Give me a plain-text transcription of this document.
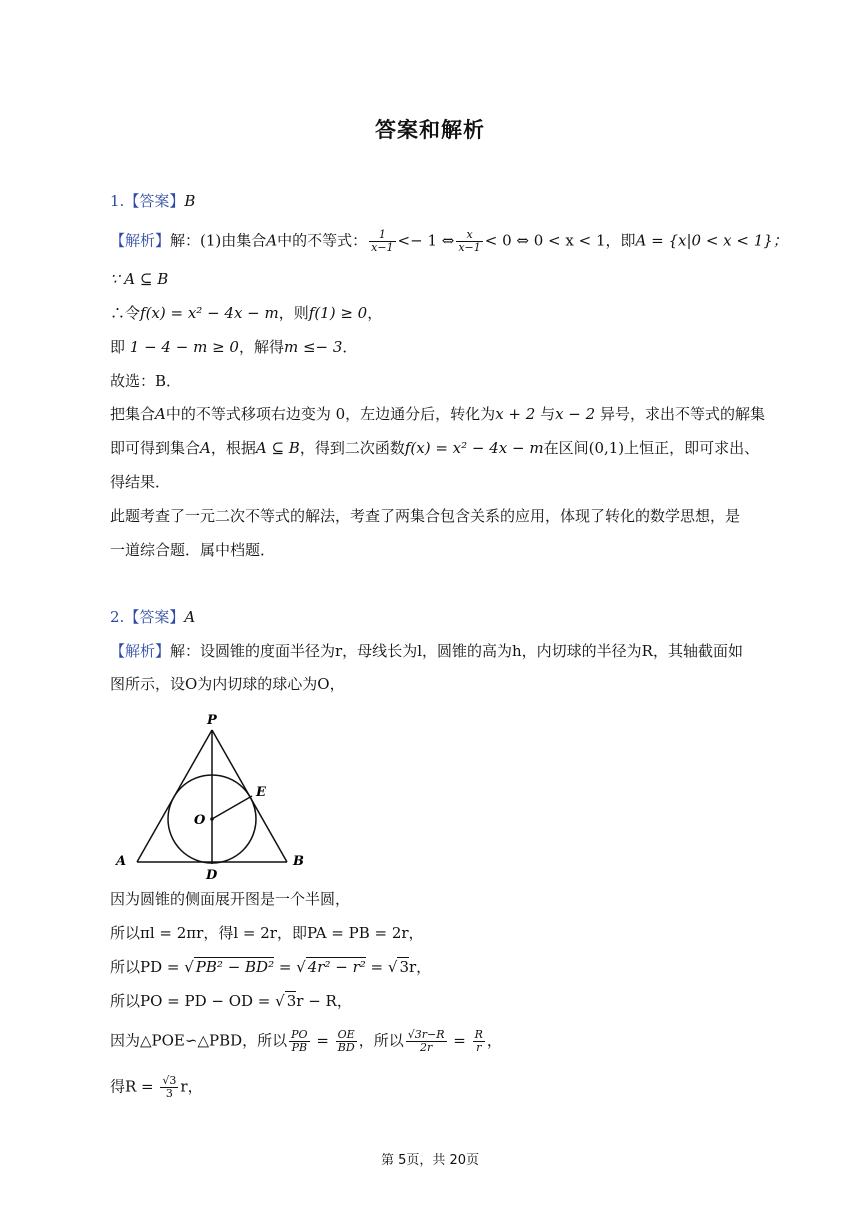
答案和解析
1.【答案】B
【解析】解：(1)由集合A中的不等式： $\frac{1}{x-1} <- 1$ ⇔ $\frac{x}{x-1} < 0$ ⇔ 0 < x < 1，即A = {x|0 < x < 1}；
∵ A ⊆ B
∴令f(x) = x² − 4x − m，则f(1) ≥ 0，
即 1 − 4 − m ≥ 0，解得m ≤− 3．
故选：B．
把集合A中的不等式移项右边变为 0，左边通分后，转化为x + 2 与x − 2 异号，求出不等式的解集
即可得到集合A，根据A ⊆ B，得到二次函数f(x) = x² − 4x − m在区间(0,1)上恒正，即可求出、
得结果．
此题考查了一元二次不等式的解法，考查了两集合包含关系的应用，体现了转化的数学思想，是
一道综合题．属中档题．
2.【答案】A
【解析】解：设圆锥的度面半径为r，母线长为l，圆锥的高为h，内切球的半径为R，其轴截面如
图所示，设O为内切球的球心为O，
P
E
O
A	B
D
因为圆锥的侧面展开图是一个半圆，
所以πl = 2πr，得l = 2r，即PA = PB = 2r，
所以PD = √ PB² − BD² = √ 4r² − r² = √ 3r，
所以PO = PD − OD = √ 3r − R，
因为△POE∽△PBD，所以 $\frac{PO}{PB} = \frac{OE}{BD}$ ，所以 $\frac{√3r-R}{2r} = \frac{R}{r}$ ，
得$R = \frac{√3}{3}$ r，
第 5页，共 20页
